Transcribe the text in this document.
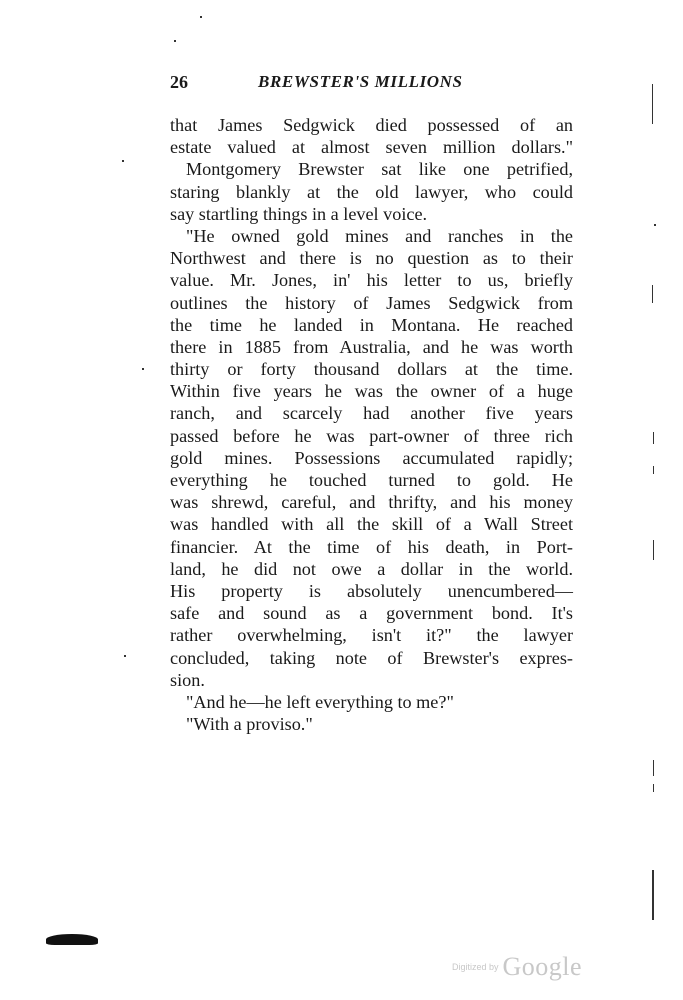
26	BREWSTER'S MILLIONS
that James Sedgwick died possessed of an
estate valued at almost seven million dollars."
Montgomery Brewster sat like one petrified,
staring blankly at the old lawyer, who could
say startling things in a level voice.
"He owned gold mines and ranches in the
Northwest and there is no question as to their
value. Mr. Jones, in' his letter to us, briefly
outlines the history of James Sedgwick from
the time he landed in Montana. He reached
there in 1885 from Australia, and he was worth
thirty or forty thousand dollars at the time.
Within five years he was the owner of a huge
ranch, and scarcely had another five years
passed before he was part-owner of three rich
gold mines. Possessions accumulated rapidly;
everything he touched turned to gold. He
was shrewd, careful, and thrifty, and his money
was handled with all the skill of a Wall Street
financier. At the time of his death, in Port-
land, he did not owe a dollar in the world.
His property is absolutely unencumbered—
safe and sound as a government bond. It's
rather overwhelming, isn't it?" the lawyer
concluded, taking note of Brewster's expres-
sion.
"And he—he left everything to me?"
"With a proviso."
Digitized by Google
